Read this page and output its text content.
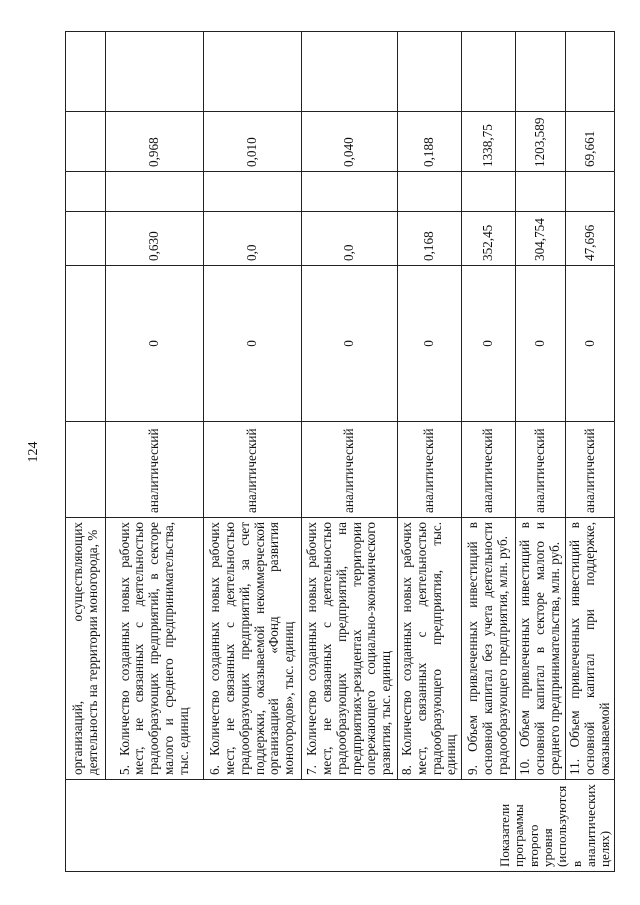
124
Показатели программы второго уровня (используются в аналитических целях)	организаций, осуществляющих деятельность на территории моногорода, %						
	5. Количество созданных новых рабочих мест, не связанных с деятельностью градообразующих предприятий, в секторе малого и среднего предпринимательства, тыс. единиц	аналитический	0	0,630		0,968	
	6. Количество созданных новых рабочих мест, не связанных с деятельностью градообразующих предприятий, за счет поддержки, оказываемой некоммерческой организацией «Фонд развития моногородов», тыс. единиц	аналитический	0	0,0		0,010	
	7. Количество созданных новых рабочих мест, не связанных с деятельностью градообразующих предприятий, на предприятиях-резидентах территории опережающего социально-экономического развития, тыс. единиц	аналитический	0	0,0		0,040	
	8. Количество созданных новых рабочих мест, связанных с деятельностью градообразующего предприятия, тыс. единиц	аналитический	0	0,168		0,188	
	9. Объем привлеченных инвестиций в основной капитал без учета деятельности градообразующего предприятия, млн. руб.	аналитический	0	352,45		1338,75	
	10. Объем привлеченных инвестиций в основной капитал в секторе малого и среднего предпринимательства, млн. руб.	аналитический	0	304,754		1203,589	
	11. Объем привлеченных инвестиций в основной капитал при поддержке, оказываемой	аналитический	0	47,696		69,661	
